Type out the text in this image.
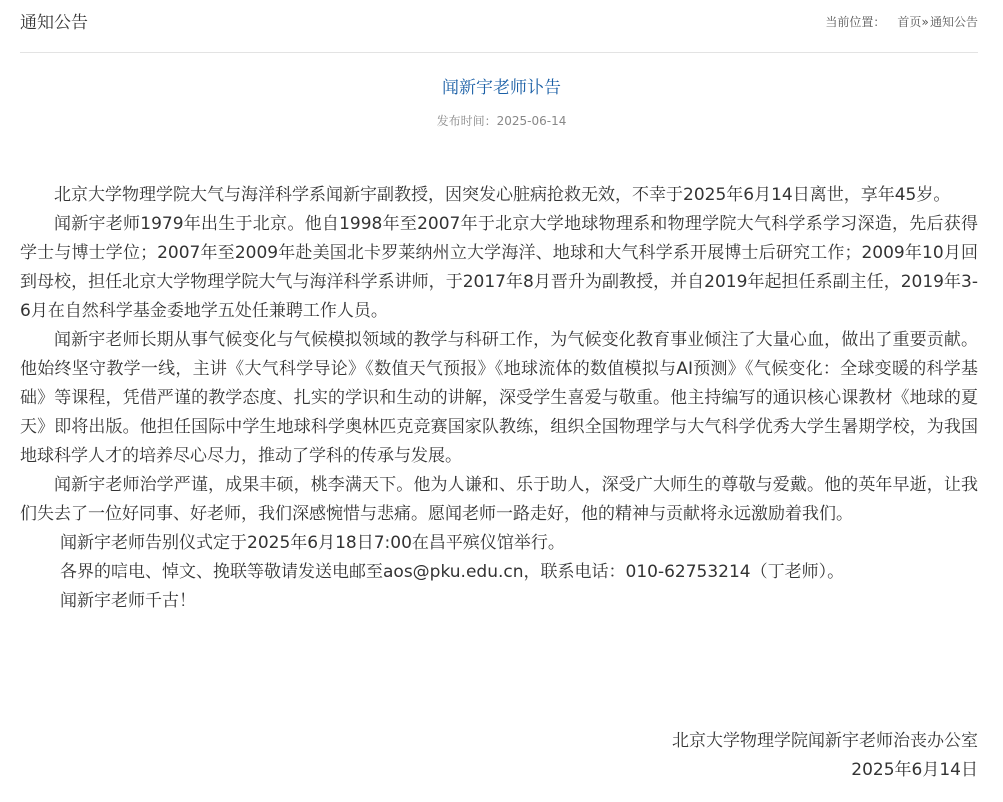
通知公告	当前位置： 首页» 通知公告
闻新宇老师讣告
发布时间：2025-06-14

北京大学物理学院大气与海洋科学系闻新宇副教授，因突发心脏病抢救无效，不幸于2025年6月14日离世，享年45岁。

闻新宇老师1979年出生于北京。他自1998年至2007年于北京大学地球物理系和物理学院大气科学系学习深造，先后获得学士与博士学位；2007年至2009年赴美国北卡罗莱纳州立大学海洋、地球和大气科学系开展博士后研究工作；2009年10月回到母校，担任北京大学物理学院大气与海洋科学系讲师，于2017年8月晋升为副教授，并自2019年起担任系副主任，2019年3-6月在自然科学基金委地学五处任兼聘工作人员。

闻新宇老师长期从事气候变化与气候模拟领域的教学与科研工作，为气候变化教育事业倾注了大量心血，做出了重要贡献。他始终坚守教学一线，主讲《大气科学导论》《数值天气预报》《地球流体的数值模拟与AI预测》《气候变化：全球变暖的科学基础》等课程，凭借严谨的教学态度、扎实的学识和生动的讲解，深受学生喜爱与敬重。他主持编写的通识核心课教材《地球的夏天》即将出版。他担任国际中学生地球科学奥林匹克竞赛国家队教练，组织全国物理学与大气科学优秀大学生暑期学校，为我国地球科学人才的培养尽心尽力，推动了学科的传承与发展。

闻新宇老师治学严谨，成果丰硕，桃李满天下。他为人谦和、乐于助人，深受广大师生的尊敬与爱戴。他的英年早逝，让我们失去了一位好同事、好老师，我们深感惋惜与悲痛。愿闻老师一路走好，他的精神与贡献将永远激励着我们。

闻新宇老师告别仪式定于2025年6月18日7:00在昌平殡仪馆举行。

各界的唁电、悼文、挽联等敬请发送电邮至aos@pku.edu.cn，联系电话：010-62753214（丁老师）。

闻新宇老师千古！

北京大学物理学院闻新宇老师治丧办公室
2025年6月14日
